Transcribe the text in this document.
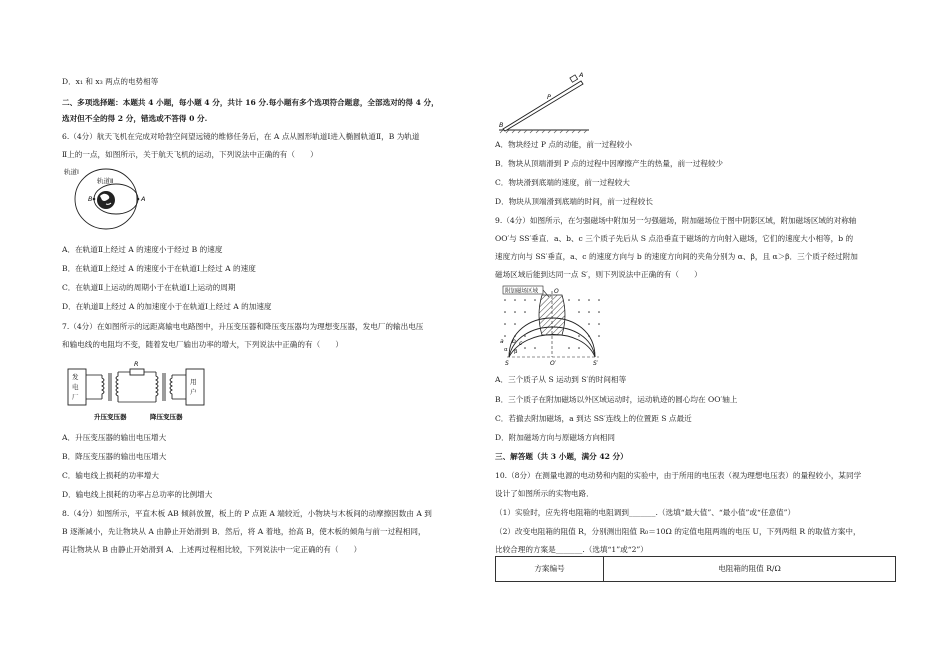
D．x₁ 和 x₃ 两点的电势相等
二、多项选择题：本题共 4 小题，每小题 4 分，共计 16 分.每小题有多个选项符合题意，全部选对的得 4 分，
选对但不全的得 2 分，错选或不答得 0 分.
6.（4分）航天飞机在完成对哈勃空间望远镜的维修任务后，在 A 点从圆形轨道Ⅰ进入椭圆轨道Ⅱ，B 为轨道
Ⅱ上的一点，如图所示，关于航天飞机的运动，下列说法中正确的有（　　）
轨道Ⅰ
轨道Ⅱ
B	A
A．在轨道Ⅱ上经过 A 的速度小于经过 B 的速度
B．在轨道Ⅱ上经过 A 的速度小于在轨道Ⅰ上经过 A 的速度
C．在轨道Ⅱ上运动的周期小于在轨道Ⅰ上运动的周期
D．在轨道Ⅱ上经过 A 的加速度小于在轨道Ⅰ上经过 A 的加速度
7.（4分）在如图所示的远距离输电电路图中，升压变压器和降压变压器均为理想变压器，发电厂的输出电压
和输电线的电阻均不变，随着发电厂输出功率的增大，下列说法中正确的有（　　）
发
电
厂
R
用
户
升压变压器	降压变压器
A．升压变压器的输出电压增大
B．降压变压器的输出电压增大
C．输电线上损耗的功率增大
D．输电线上损耗的功率占总功率的比例增大
8.（4分）如图所示，平直木板 AB 倾斜放置，板上的 P 点距 A 端较近，小物块与木板间的动摩擦因数由 A 到
B 逐渐减小，先让物块从 A 由静止开始滑到 B．然后，将 A 着地，抬高 B，使木板的倾角与前一过程相同，
再让物块从 B 由静止开始滑到 A．上述两过程相比较，下列说法中一定正确的有（　　）
A
P
B
A．物块经过 P 点的动能，前一过程较小
B．物块从顶端滑到 P 点的过程中因摩擦产生的热量，前一过程较少
C．物块滑到底端的速度，前一过程较大
D．物块从顶端滑到底端的时间，前一过程较长
9.（4分）如图所示，在匀强磁场中附加另一匀强磁场，附加磁场位于图中阴影区域，附加磁场区域的对称轴
OO′与 SS′垂直．a、b、c 三个质子先后从 S 点沿垂直于磁场的方向射入磁场，它们的速度大小相等，b 的
速度方向与 SS′垂直，a、c 的速度方向与 b 的速度方向间的夹角分别为 α、β，且 α＞β．三个质子经过附加
磁场区域后能到达同一点 S′，则下列说法中正确的有（　　）
附加磁场区域	O
O′
S	S′
a b c
α β
A．三个质子从 S 运动到 S′的时间相等
B．三个质子在附加磁场以外区域运动时，运动轨迹的圆心均在 OO′轴上
C．若撤去附加磁场，a 到达 SS′连线上的位置距 S 点最近
D．附加磁场方向与原磁场方向相同
三、解答题（共 3 小题，满分 42 分）
10.（8分）在测量电源的电动势和内阻的实验中，由于所用的电压表（视为理想电压表）的量程较小，某同学
设计了如图所示的实物电路．
（1）实验时，应先将电阻箱的电阻调到_______.（选填“最大值”、“最小值”或“任意值”）
（2）改变电阻箱的阻值 R，分别测出阻值 R₀＝10Ω 的定值电阻两端的电压 U，下列两组 R 的取值方案中，
比较合理的方案是_______.（选填“1”或“2”）
方案编号	电阻箱的阻值 R/Ω
